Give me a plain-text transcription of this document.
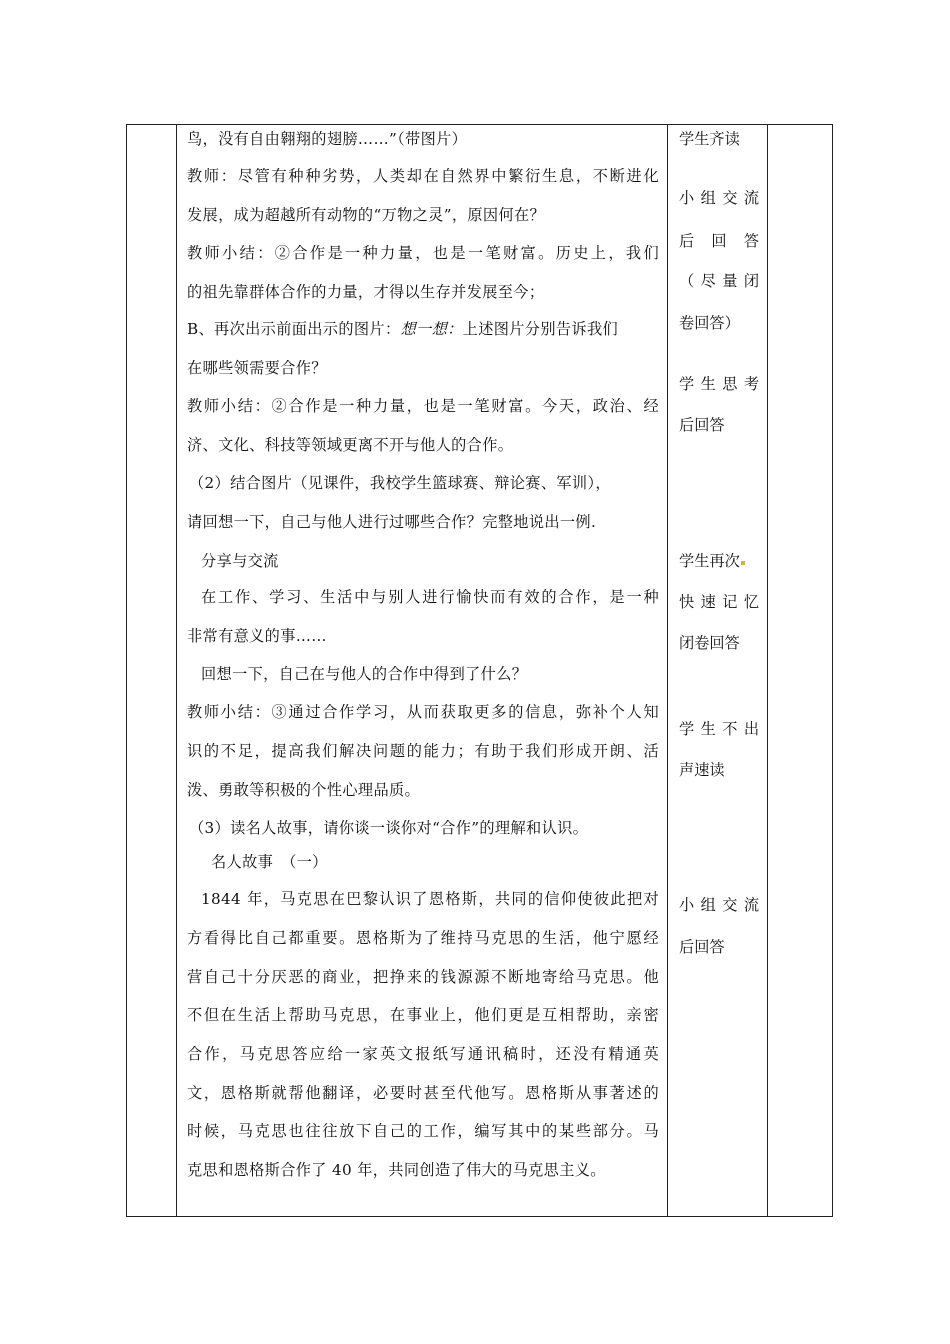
鸟，没有自由翱翔的翅膀……”（带图片）
教师：尽管有种种劣势，人类却在自然界中繁衍生息，不断进化
发展，成为超越所有动物的“万物之灵”，原因何在？
教师小结：②合作是一种力量，也是一笔财富。历史上，我们
的祖先靠群体合作的力量，才得以生存并发展至今；
B、再次出示前面出示的图片：想一想：上述图片分别告诉我们
在哪些领需要合作？
教师小结：②合作是一种力量，也是一笔财富。今天，政治、经
济、文化、科技等领域更离不开与他人的合作。
（2）结合图片（见课件，我校学生篮球赛、辩论赛、军训），
请回想一下，自己与他人进行过哪些合作？完整地说出一例.
分享与交流
在工作、学习、生活中与别人进行愉快而有效的合作，是一种
非常有意义的事……
回想一下，自己在与他人的合作中得到了什么？
教师小结：③通过合作学习，从而获取更多的信息，弥补个人知
识的不足，提高我们解决问题的能力；有助于我们形成开朗、活
泼、勇敢等积极的个性心理品质。
（3）读名人故事，请你谈一谈你对“合作”的理解和认识。
名人故事　（一）
1844 年，马克思在巴黎认识了恩格斯，共同的信仰使彼此把对
方看得比自己都重要。恩格斯为了维持马克思的生活，他宁愿经
营自己十分厌恶的商业，把挣来的钱源源不断地寄给马克思。他
不但在生活上帮助马克思，在事业上，他们更是互相帮助，亲密
合作，马克思答应给一家英文报纸写通讯稿时，还没有精通英
文，恩格斯就帮他翻译，必要时甚至代他写。恩格斯从事著述的
时候，马克思也往往放下自己的工作，编写其中的某些部分。马
克思和恩格斯合作了 40 年，共同创造了伟大的马克思主义。
学生齐读
小组交流
后　回　答
（尽量闭
卷回答）
学生思考
后回答
学生再次
快速记忆
闭卷回答
学生不出
声速读
小组交流
后回答
